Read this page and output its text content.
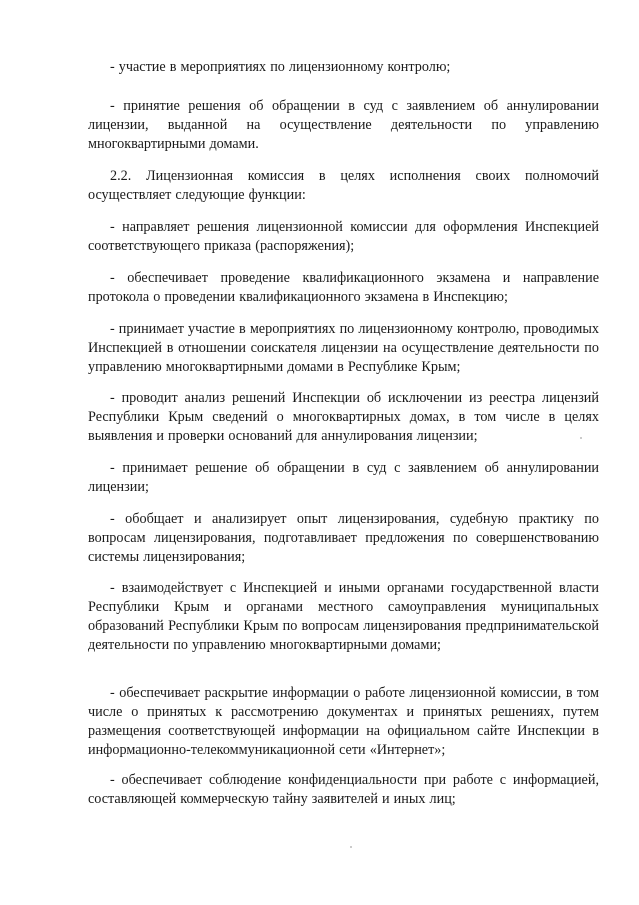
- участие в мероприятиях по лицензионному контролю;

- принятие решения об обращении в суд с заявлением об аннулировании лицензии, выданной на осуществление деятельности по управлению многоквартирными домами.

2.2. Лицензионная комиссия в целях исполнения своих полномочий осуществляет следующие функции:

- направляет решения лицензионной комиссии для оформления Инспекцией соответствующего приказа (распоряжения);

- обеспечивает проведение квалификационного экзамена и направление протокола о проведении квалификационного экзамена в Инспекцию;

- принимает участие в мероприятиях по лицензионному контролю, проводимых Инспекцией в отношении соискателя лицензии на осуществление деятельности по управлению многоквартирными домами в Республике Крым;

- проводит анализ решений Инспекции об исключении из реестра лицензий Республики Крым сведений о многоквартирных домах, в том числе в целях выявления и проверки оснований для аннулирования лицензии;

- принимает решение об обращении в суд с заявлением об аннулировании лицензии;

- обобщает и анализирует опыт лицензирования, судебную практику по вопросам лицензирования, подготавливает предложения по совершенствованию системы лицензирования;

- взаимодействует с Инспекцией и иными органами государственной власти Республики Крым и органами местного самоуправления муниципальных образований Республики Крым по вопросам лицензирования предпринимательской деятельности по управлению многоквартирными домами;

- обеспечивает раскрытие информации о работе лицензионной комиссии, в том числе о принятых к рассмотрению документах и принятых решениях, путем размещения соответствующей информации на официальном сайте Инспекции в информационно-телекоммуникационной сети «Интернет»;

- обеспечивает соблюдение конфиденциальности при работе с информацией, составляющей коммерческую тайну заявителей и иных лиц;
